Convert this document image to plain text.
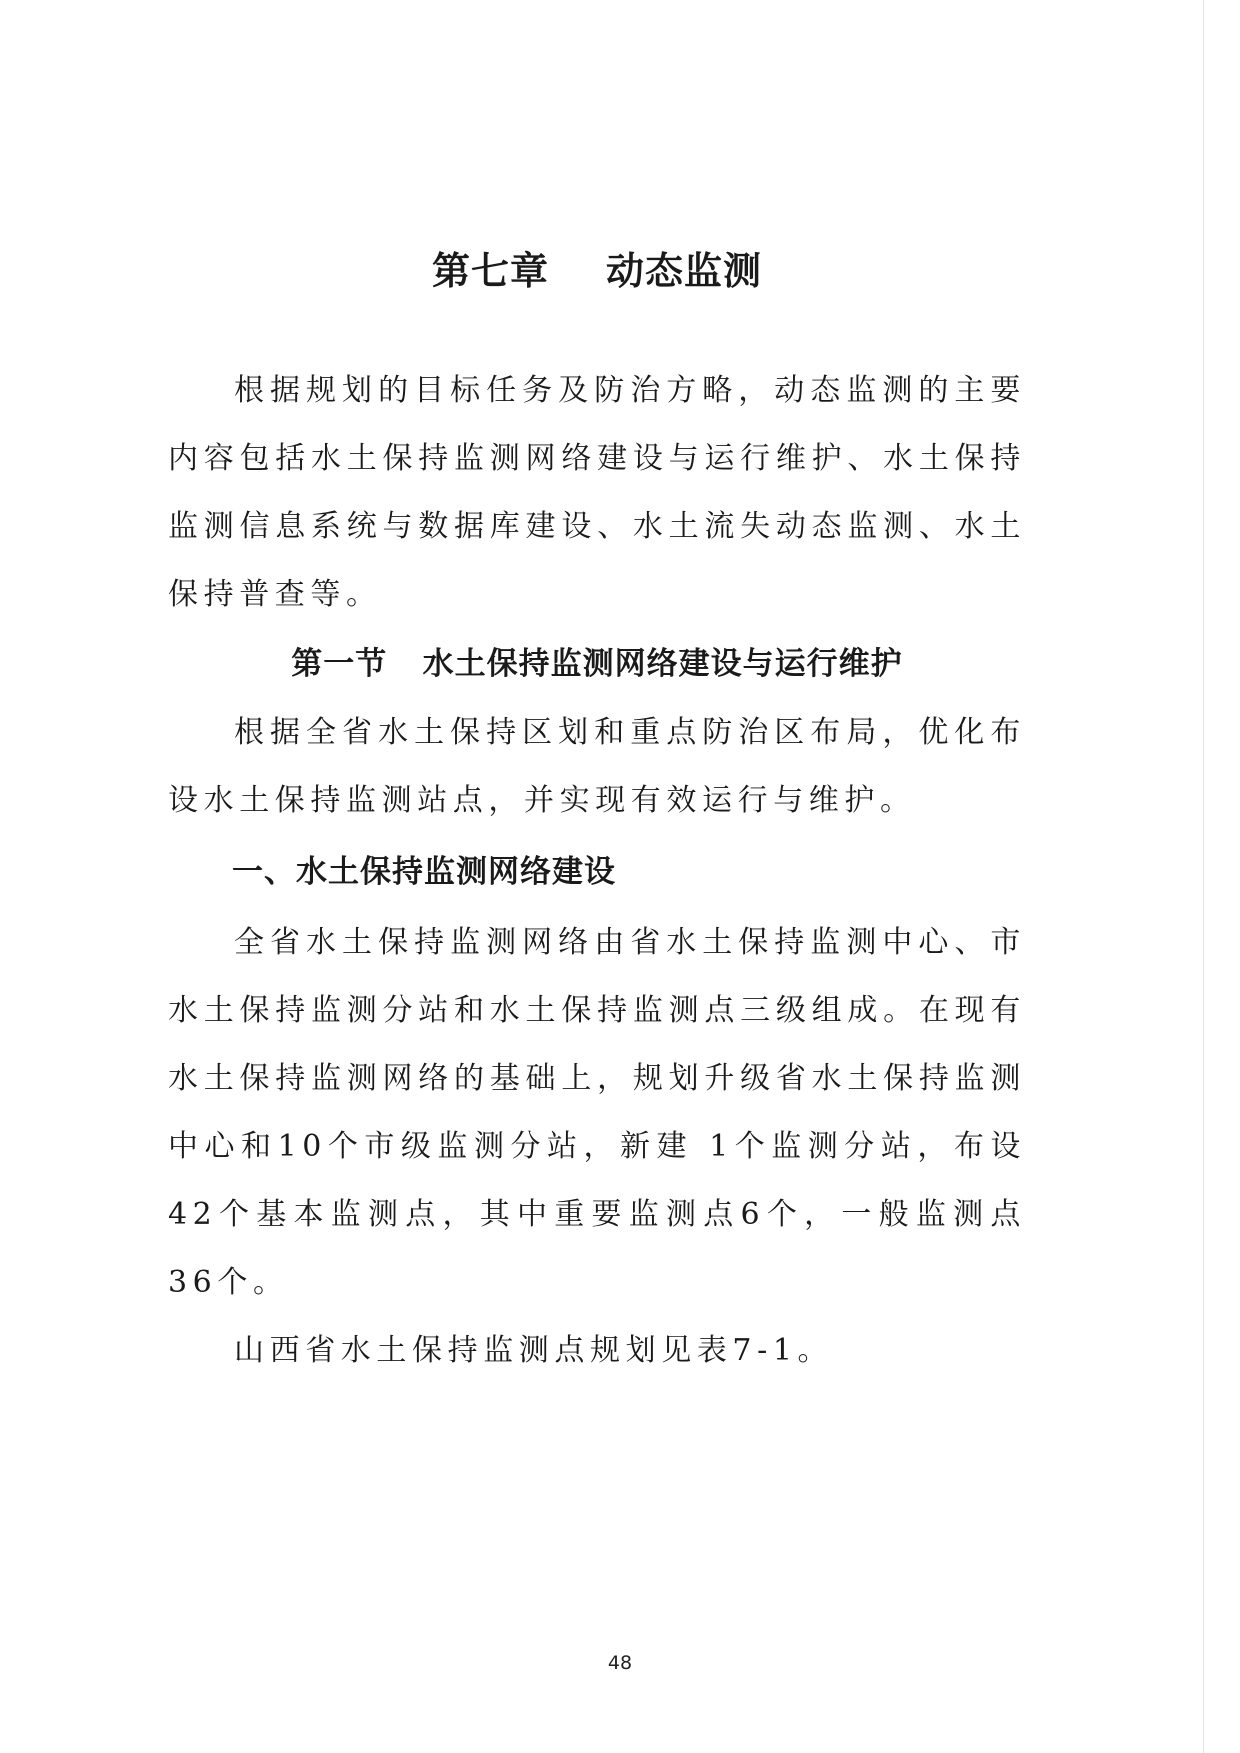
第七章    动态监测

根据规划的目标任务及防治方略，动态监测的主要内容包括水土保持监测网络建设与运行维护、水土保持监测信息系统与数据库建设、水土流失动态监测、水土保持普查等。

第一节   水土保持监测网络建设与运行维护

根据全省水土保持区划和重点防治区布局，优化布设水土保持监测站点，并实现有效运行与维护。

一、水土保持监测网络建设

全省水土保持监测网络由省水土保持监测中心、市水土保持监测分站和水土保持监测点三级组成。在现有水土保持监测网络的基础上，规划升级省水土保持监测中心和10个市级监测分站，新建 1个监测分站，布设42个基本监测点，其中重要监测点6个，一般监测点36个。

山西省水土保持监测点规划见表7-1。

48
